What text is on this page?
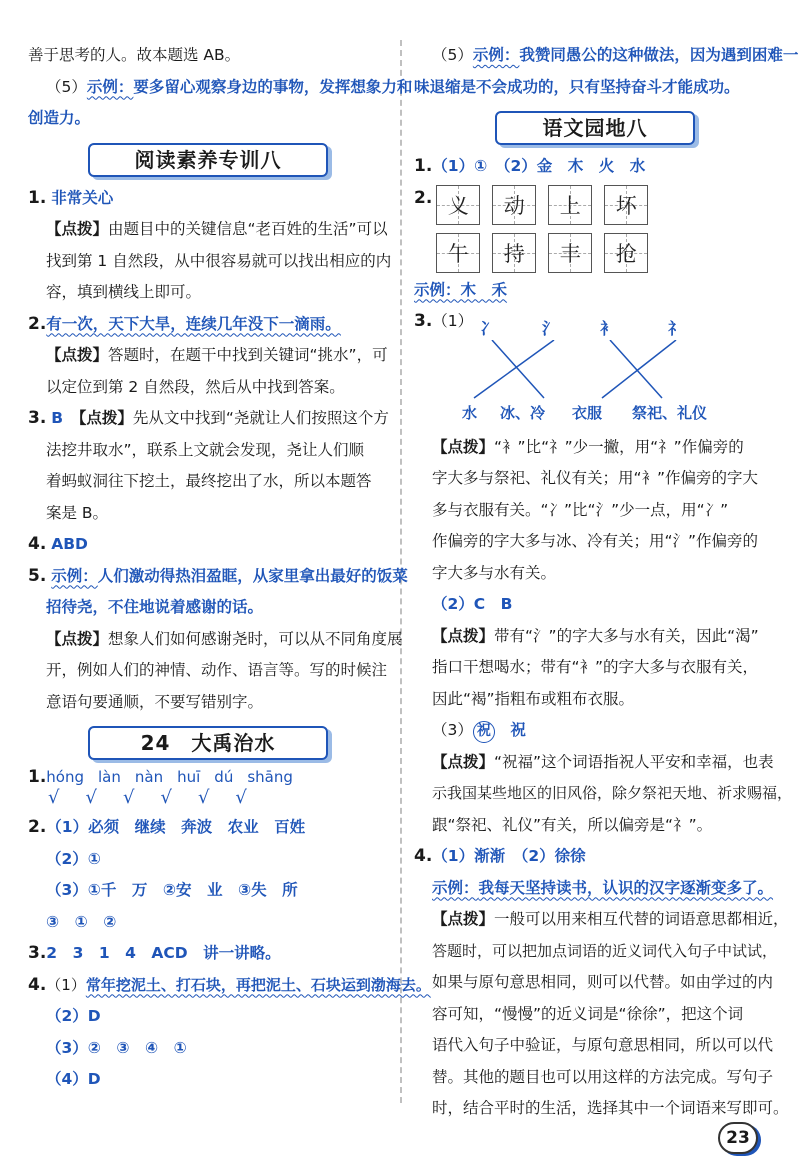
善于思考的人。故本题选 AB。
（5）示例：要多留心观察身边的事物，发挥想象力和
创造力。
阅读素养专训八
1. 非常关心
【点拨】由题目中的关键信息“老百姓的生活”可以
找到第 1 自然段，从中很容易就可以找出相应的内
容，填到横线上即可。
2.有一次，天下大旱，连续几年没下一滴雨。
【点拨】答题时，在题干中找到关键词“挑水”，可
以定位到第 2 自然段，然后从中找到答案。
3. B　 【点拨】先从文中找到“尧就让人们按照这个方
法挖井取水”，联系上文就会发现，尧让人们顺
着蚂蚁洞往下挖土，最终挖出了水，所以本题答
案是 B。
4. ABD
5. 示例：人们激动得热泪盈眶，从家里拿出最好的饭菜
招待尧，不住地说着感谢的话。
【点拨】想象人们如何感谢尧时，可以从不同角度展
开，例如人们的神情、动作、语言等。写的时候注
意语句要通顺，不要写错别字。
24　大禹治水
1.hóng làn nàn huī dú shāng
√ √ √ √ √ √
2.（1）必须　继续　奔波　农业　百姓
（2）①
（3）①千　万　②安　业　③失　所
③　①　②
3.2　3　1　4　ACD　讲一讲略。
4.（1）常年挖泥土、打石块，再把泥土、石块运到渤海去。
（2）D
（3）②　③　④　①
（4）D
（5）示例：我赞同愚公的这种做法，因为遇到困难一
味退缩是不会成功的，只有坚持奋斗才能成功。
语文园地八
1.（1）①　（2）金　木　火　水
2. 义 动 上 坏
午 持 丰 抢
示例：木　禾
3.（1） 冫	氵	衤	礻
水 冰、冷 衣服 祭祀、礼仪
【点拨】“衤”比“礻”少一撇，用“礻”作偏旁的
字大多与祭祀、礼仪有关；用“衤”作偏旁的字大
多与衣服有关。“冫”比“氵”少一点，用“冫”
作偏旁的字大多与冰、冷有关；用“氵”作偏旁的
字大多与水有关。
（2）C　B
【点拨】带有“氵”的字大多与水有关，因此“渴”
指口干想喝水；带有“衤”的字大多与衣服有关，
因此“褐”指粗布或粗布衣服。
（3） 祝　 祝
【点拨】“祝福”这个词语指祝人平安和幸福，也表
示我国某些地区的旧风俗，除夕祭祀天地、祈求赐福，
跟“祭祀、礼仪”有关，所以偏旁是“礻”。
4.（1）渐渐　（2）徐徐
示例：我每天坚持读书，认识的汉字逐渐变多了。
【点拨】一般可以用来相互代替的词语意思都相近，
答题时，可以把加点词语的近义词代入句子中试试，
如果与原句意思相同，则可以代替。如由学过的内
容可知，“慢慢”的近义词是“徐徐”，把这个词
语代入句子中验证，与原句意思相同，所以可以代
替。其他的题目也可以用这样的方法完成。写句子
时，结合平时的生活，选择其中一个词语来写即可。
23
